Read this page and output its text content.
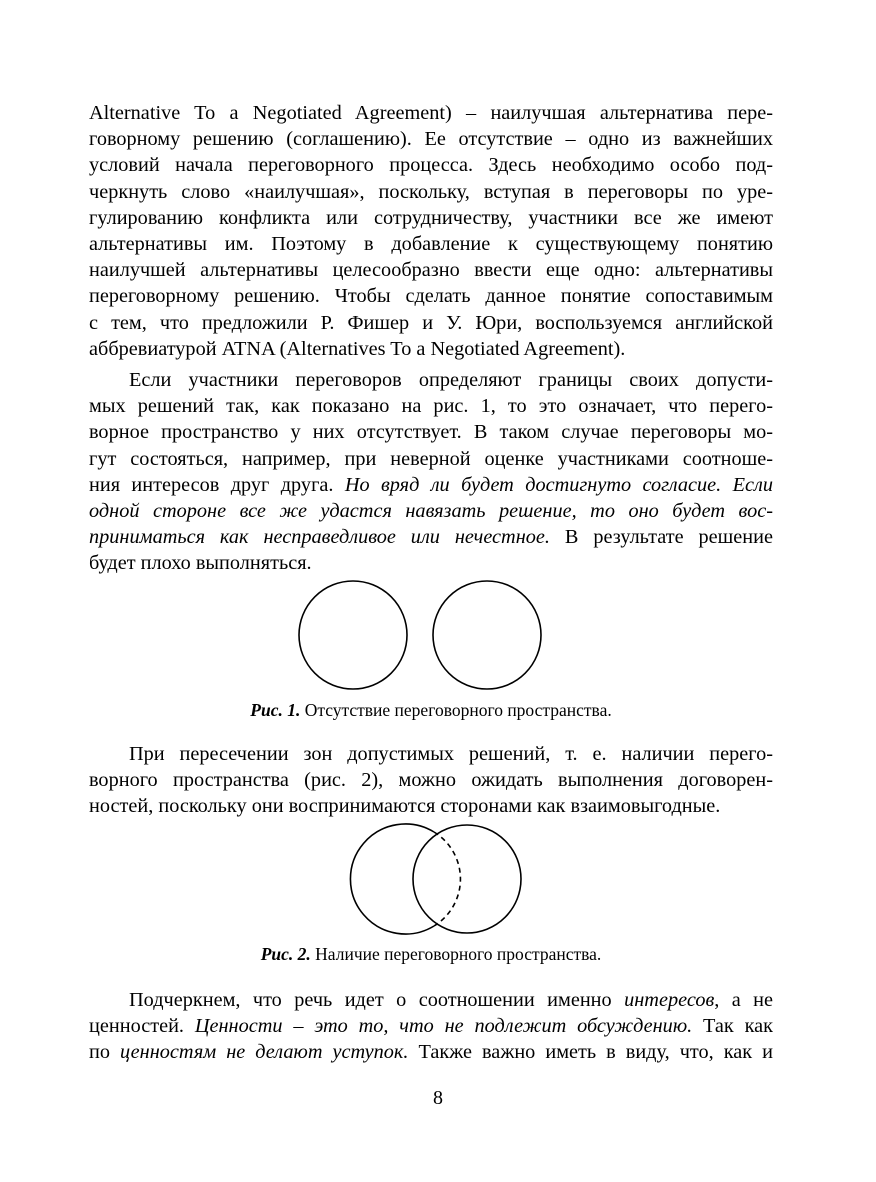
Alternative To a Negotiated Agreement) – наилучшая альтернатива пере-
говорному решению (соглашению). Ее отсутствие – одно из важнейших
условий начала переговорного процесса. Здесь необходимо особо под-
черкнуть слово «наилучшая», поскольку, вступая в переговоры по уре-
гулированию конфликта или сотрудничеству, участники все же имеют
альтернативы им. Поэтому в добавление к существующему понятию
наилучшей альтернативы целесообразно ввести еще одно: альтернативы
переговорному решению. Чтобы сделать данное понятие сопоставимым
с тем, что предложили Р. Фишер и У. Юри, воспользуемся английской
аббревиатурой ATNA (Alternatives To a Negotiated Agreement).

Если участники переговоров определяют границы своих допусти-
мых решений так, как показано на рис. 1, то это означает, что перего-
ворное пространство у них отсутствует. В таком случае переговоры мо-
гут состояться, например, при неверной оценке участниками соотноше-
ния интересов друг друга. Но вряд ли будет достигнуто согласие. Если
одной стороне все же удастся навязать решение, то оно будет вос-
приниматься как несправедливое или нечестное. В результате решение
будет плохо выполняться.

Рис. 1. Отсутствие переговорного пространства.

При пересечении зон допустимых решений, т. е. наличии перего-
ворного пространства (рис. 2), можно ожидать выполнения договорен-
ностей, поскольку они воспринимаются сторонами как взаимовыгодные.

Рис. 2. Наличие переговорного пространства.

Подчеркнем, что речь идет о соотношении именно интересов, а не
ценностей. Ценности – это то, что не подлежит обсуждению. Так как
по ценностям не делают уступок. Также важно иметь в виду, что, как и

8
